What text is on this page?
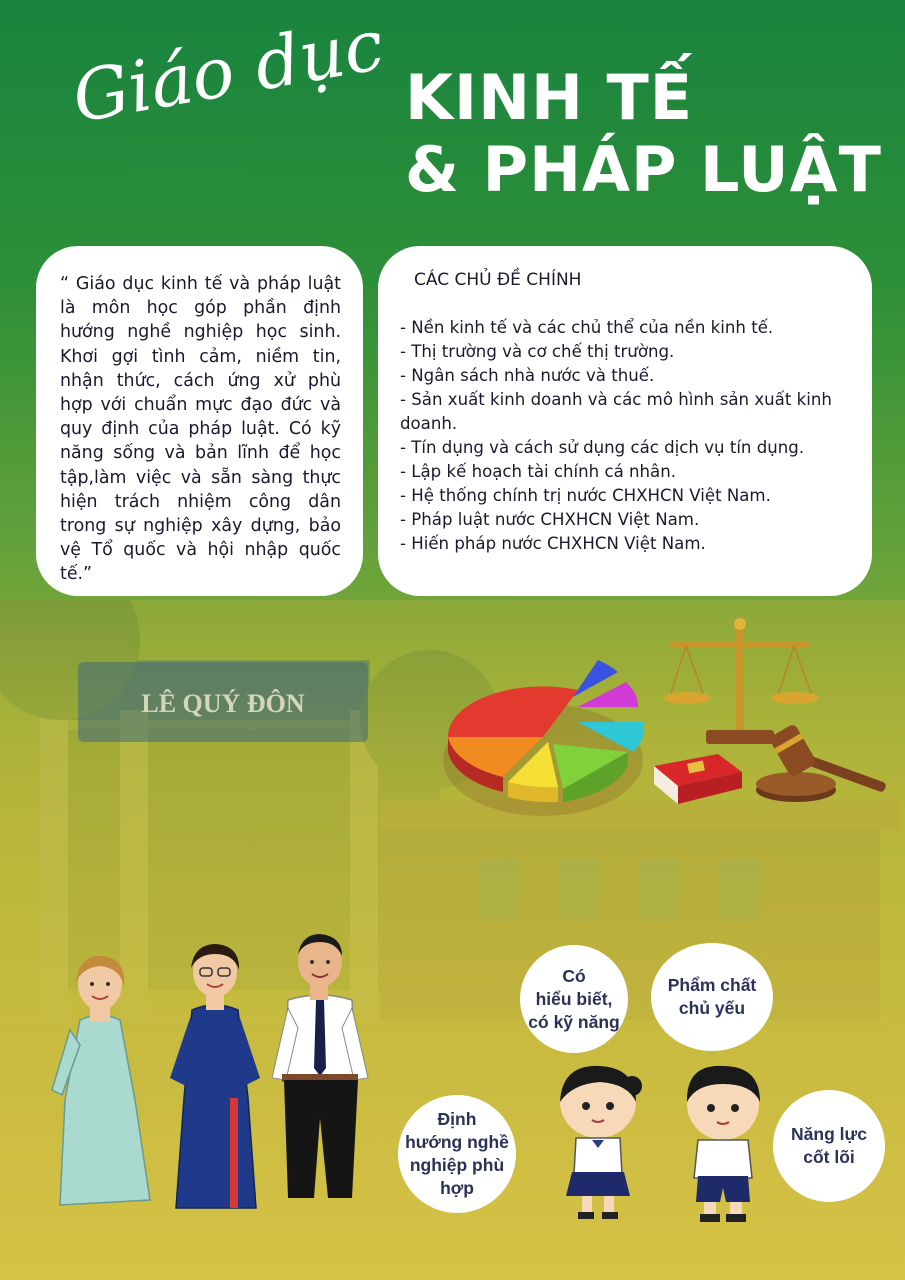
Giáo dục KINH TẾ
& PHÁP LUẬT

“ Giáo dục kinh tế và pháp luật là môn học góp phần định hướng nghề nghiệp học sinh. Khơi gợi tình cảm, niềm tin, nhận thức, cách ứng xử phù hợp với chuẩn mực đạo đức và quy định của pháp luật. Có kỹ năng sống và bản lĩnh để học tập,làm việc và sẵn sàng thực hiện trách nhiệm công dân trong sự nghiệp xây dựng, bảo vệ Tổ quốc và hội nhập quốc tế.”

CÁC CHỦ ĐỀ CHÍNH

- Nền kinh tế và các chủ thể của nền kinh tế.
- Thị trường và cơ chế thị trường.
- Ngân sách nhà nước và thuế.
- Sản xuất kinh doanh và các mô hình sản xuất kinh doanh.
- Tín dụng và cách sử dụng các dịch vụ tín dụng.
- Lập kế hoạch tài chính cá nhân.
- Hệ thống chính trị nước CHXHCN Việt Nam.
- Pháp luật nước CHXHCN Việt Nam.
- Hiến pháp nước CHXHCN Việt Nam.
LÊ QUÝ ĐÔN
Có
hiểu biết,
có kỹ năng
Phẩm chất
chủ yếu
Định
hướng nghề
nghiệp phù
hợp
Năng lực
cốt lõi
